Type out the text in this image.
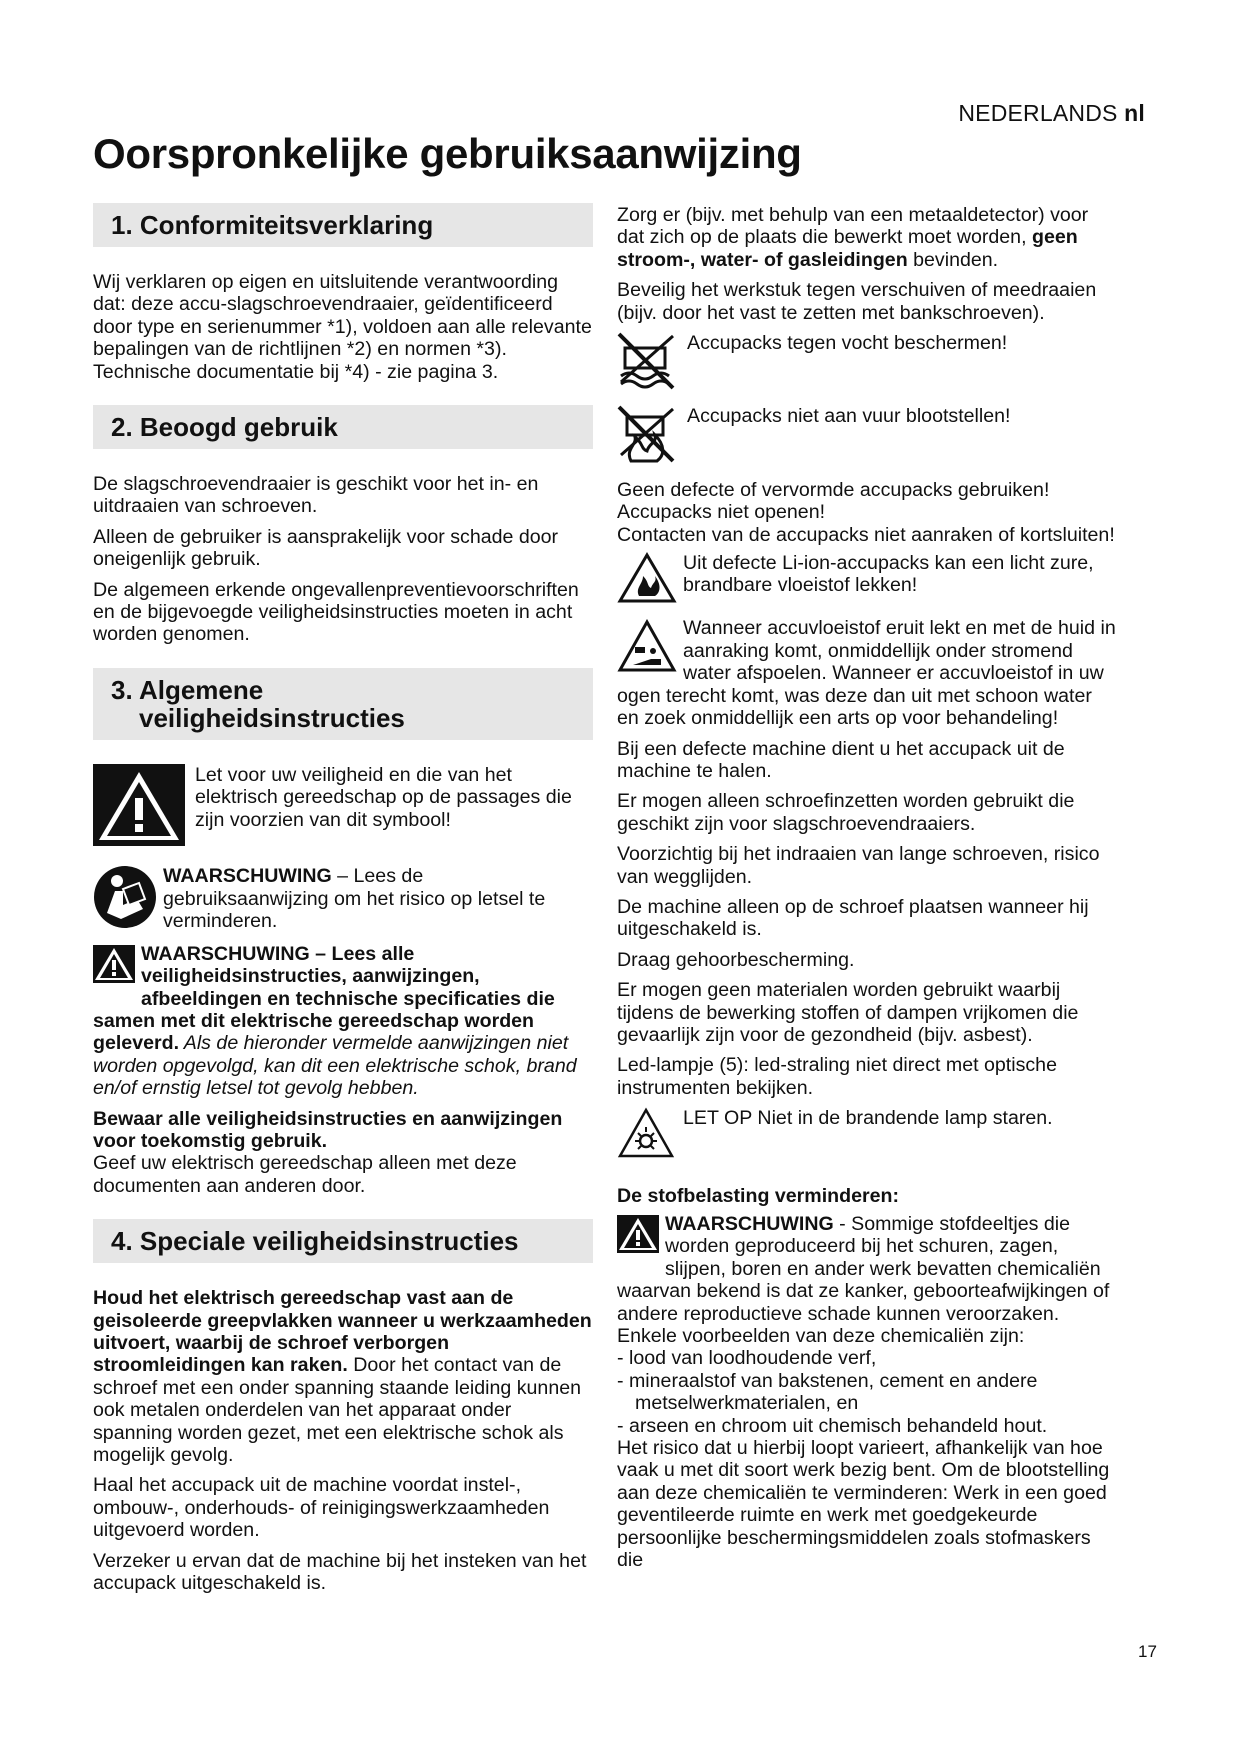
NEDERLANDS nl
Oorspronkelijke gebruiksaanwijzing
1. Conformiteitsverklaring

Wij verklaren op eigen en uitsluitende verantwoording dat: deze accu-slagschroevendraaier, geïdentificeerd door type en serienummer *1), voldoen aan alle relevante bepalingen van de richtlijnen *2) en normen *3). Technische documentatie bij *4) - zie pagina 3.

2. Beoogd gebruik

De slagschroevendraaier is geschikt voor het in- en uitdraaien van schroeven.

Alleen de gebruiker is aansprakelijk voor schade door oneigenlijk gebruik.

De algemeen erkende ongevallenpreventievoorschriften en de bijgevoegde veiligheidsinstructies moeten in acht worden genomen.

3. Algemene
veiligheidsinstructies
Let voor uw veiligheid en die van het elektrisch gereedschap op de passages die zijn voorzien van dit symbool!
WAARSCHUWING – Lees de gebruiksaanwijzing om het risico op letsel te verminderen.

WAARSCHUWING – Lees alle veiligheidsinstructies, aanwijzingen, afbeeldingen en technische specificaties die samen met dit elektrische gereedschap worden geleverd. Als de hieronder vermelde aanwijzingen niet worden opgevolgd, kan dit een elektrische schok, brand en/of ernstig letsel tot gevolg hebben.

Bewaar alle veiligheidsinstructies en aanwijzingen voor toekomstig gebruik.

Geef uw elektrisch gereedschap alleen met deze documenten aan anderen door.

4. Speciale veiligheidsinstructies

Houd het elektrisch gereedschap vast aan de geisoleerde greepvlakken wanneer u werkzaamheden uitvoert, waarbij de schroef verborgen stroomleidingen kan raken. Door het contact van de schroef met een onder spanning staande leiding kunnen ook metalen onderdelen van het apparaat onder spanning worden gezet, met een elektrische schok als mogelijk gevolg.

Haal het accupack uit de machine voordat instel-, ombouw-, onderhouds- of reinigingswerkzaamheden uitgevoerd worden.

Verzeker u ervan dat de machine bij het insteken van het accupack uitgeschakeld is.

Zorg er (bijv. met behulp van een metaaldetector) voor dat zich op de plaats die bewerkt moet worden, geen stroom-, water- of gasleidingen bevinden.

Beveilig het werkstuk tegen verschuiven of meedraaien (bijv. door het vast te zetten met bankschroeven).

Accupacks tegen vocht beschermen!
Accupacks niet aan vuur blootstellen!

Geen defecte of vervormde accupacks gebruiken!
Accupacks niet openen!
Contacten van de accupacks niet aanraken of kortsluiten!

Uit defecte Li-ion-accupacks kan een licht zure, brandbare vloeistof lekken!

Wanneer accuvloeistof eruit lekt en met de huid in aanraking komt, onmiddellijk onder stromend water afspoelen. Wanneer er accuvloeistof in uw ogen terecht komt, was deze dan uit met schoon water en zoek onmiddellijk een arts op voor behandeling!

Bij een defecte machine dient u het accupack uit de machine te halen.

Er mogen alleen schroefinzetten worden gebruikt die geschikt zijn voor slagschroevendraaiers.

Voorzichtig bij het indraaien van lange schroeven, risico van wegglijden.

De machine alleen op de schroef plaatsen wanneer hij uitgeschakeld is.

Draag gehoorbescherming.

Er mogen geen materialen worden gebruikt waarbij tijdens de bewerking stoffen of dampen vrijkomen die gevaarlijk zijn voor de gezondheid (bijv. asbest).

Led-lampje (5): led-straling niet direct met optische instrumenten bekijken.

LET OP Niet in de brandende lamp staren.
De stofbelasting verminderen:

WAARSCHUWING - Sommige stofdeeltjes die worden geproduceerd bij het schuren, zagen, slijpen, boren en ander werk bevatten chemicaliën waarvan bekend is dat ze kanker, geboorteafwijkingen of andere reproductieve schade kunnen veroorzaken. Enkele voorbeelden van deze chemicaliën zijn:

- lood van loodhoudende verf,
- mineraalstof van bakstenen, cement en andere metselwerkmaterialen, en
- arseen en chroom uit chemisch behandeld hout.

Het risico dat u hierbij loopt varieert, afhankelijk van hoe vaak u met dit soort werk bezig bent. Om de blootstelling aan deze chemicaliën te verminderen: Werk in een goed geventileerde ruimte en werk met goedgekeurde persoonlijke beschermingsmiddelen zoals stofmaskers die

17
